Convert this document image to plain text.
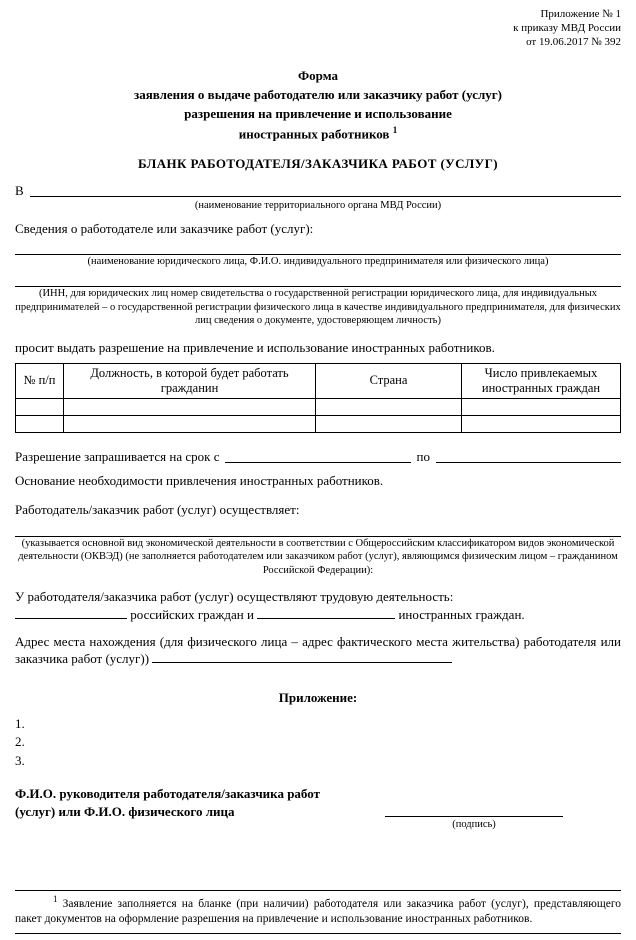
Приложение № 1
к приказу МВД России
от 19.06.2017 № 392
Форма
заявления о выдаче работодателю или заказчику работ (услуг)
разрешения на привлечение и использование
иностранных работников $^1$
БЛАНК РАБОТОДАТЕЛЯ/ЗАКАЗЧИКА РАБОТ (УСЛУГ)
В
(наименование территориального органа МВД России)
Сведения о работодателе или заказчике работ (услуг):
(наименование юридического лица, Ф.И.О. индивидуального предпринимателя или физического лица)
(ИНН, для юридических лиц номер свидетельства о государственной регистрации юридического лица, для индивидуальных предпринимателей – о государственной регистрации физического лица в качестве индивидуального предпринимателя, для физических лиц сведения о документе, удостоверяющем личность)
просит выдать разрешение на привлечение и использование иностранных работников.
№ п/п	Должность, в которой будет работать гражданин	Страна	Число привлекаемых иностранных граждан

Разрешение запрашивается на срок с	по
Основание необходимости привлечения иностранных работников.
Работодатель/заказчик работ (услуг) осуществляет:
(указывается основной вид экономической деятельности в соответствии с Общероссийским классификатором видов экономической деятельности (ОКВЭД) (не заполняется работодателем или заказчиком работ (услуг), являющимся физическим лицом – гражданином Российской Федерации):
У работодателя/заказчика работ (услуг) осуществляют трудовую деятельность:
российских граждан и	иностранных граждан.
Адрес места нахождения (для физического лица – адрес фактического места жительства) работодателя или заказчика работ (услуг))
Приложение:
1.
2.
3.
Ф.И.О. руководителя работодателя/заказчика работ
(услуг) или Ф.И.О. физического лица
(подпись)

$^1$ Заявление заполняется на бланке (при наличии) работодателя или заказчика работ (услуг), представляющего пакет документов на оформление разрешения на привлечение и использование иностранных работников.
